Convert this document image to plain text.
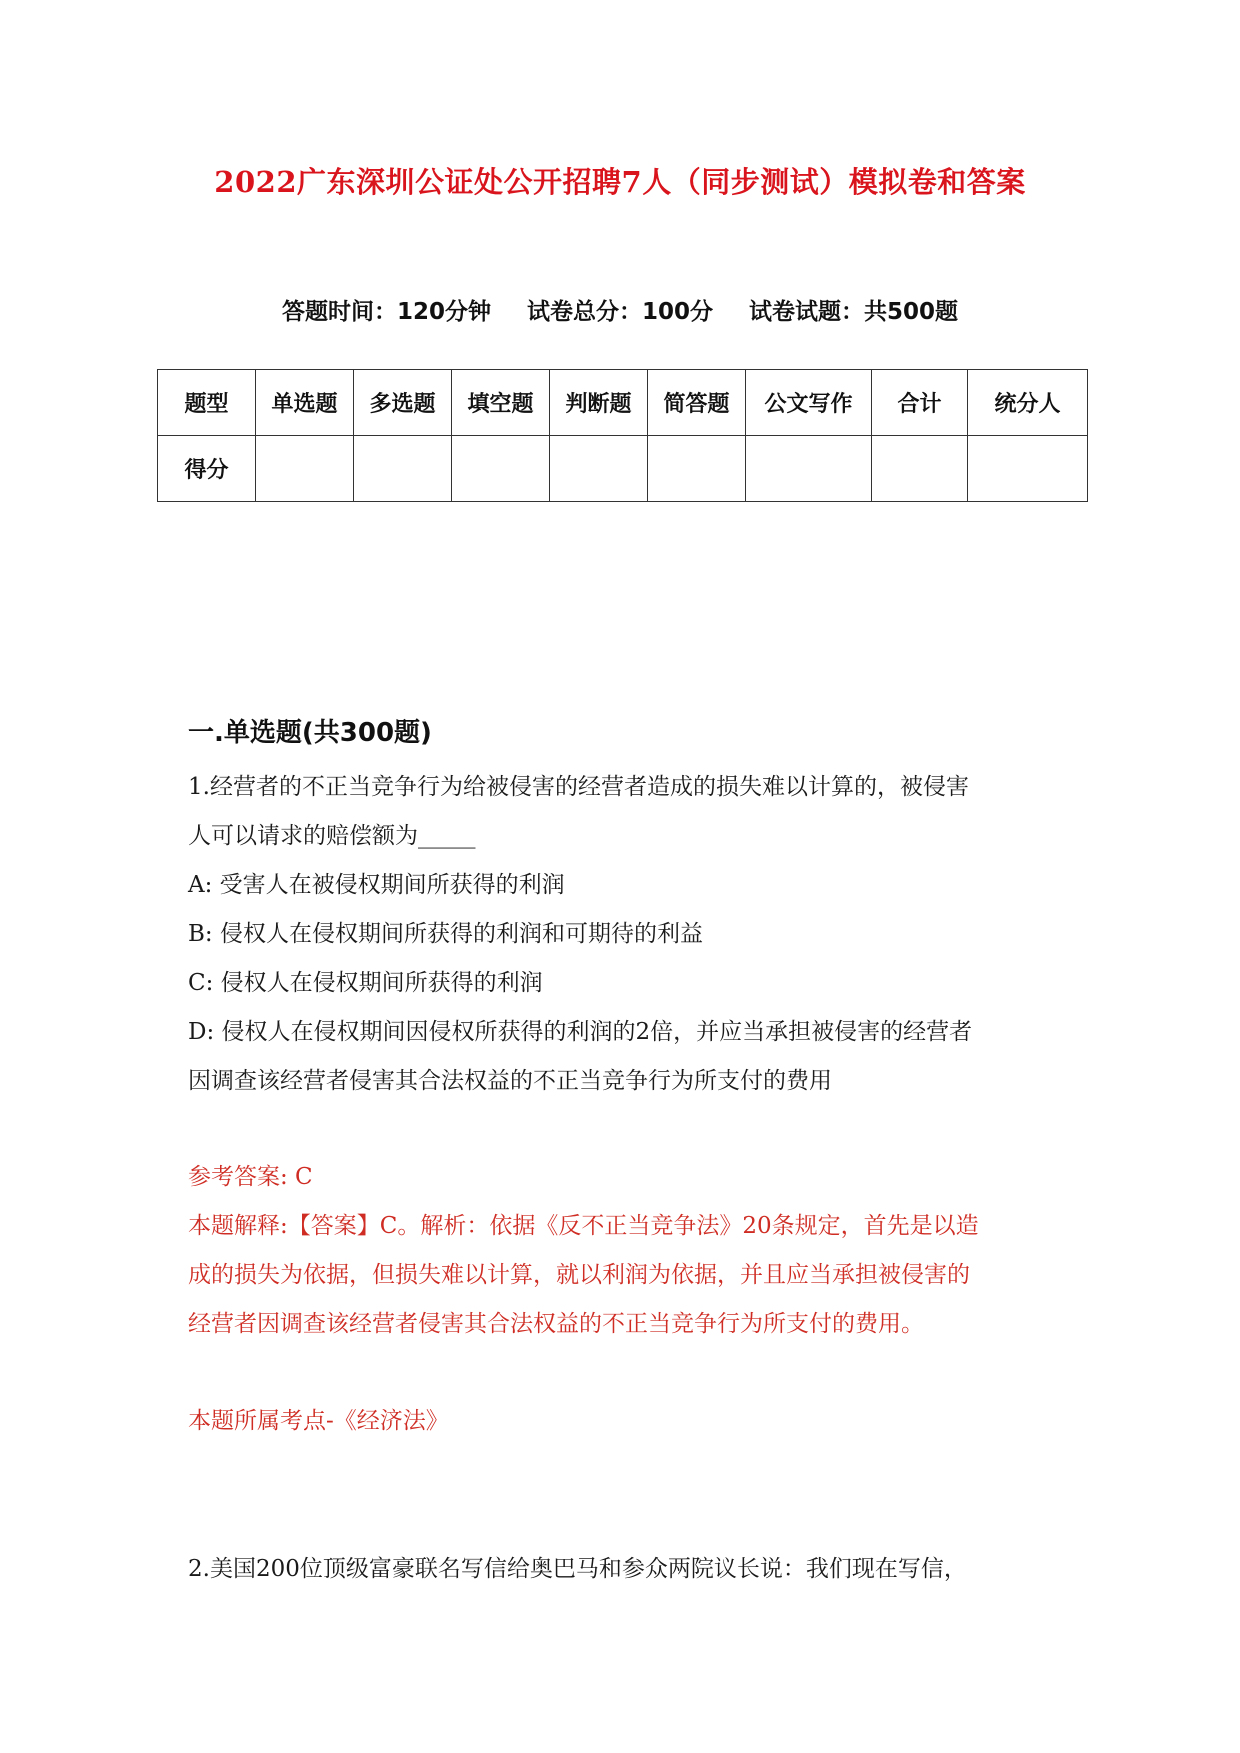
2022广东深圳公证处公开招聘7人（同步测试）模拟卷和答案
答题时间：120分钟 试卷总分：100分 试卷试题：共500题
题型	单选题	多选题	填空题	判断题	简答题	公文写作	合计	统分人
得分								
一.单选题(共300题)
1.经营者的不正当竞争行为给被侵害的经营者造成的损失难以计算的，被侵害
人可以请求的赔偿额为_____
A: 受害人在被侵权期间所获得的利润
B: 侵权人在侵权期间所获得的利润和可期待的利益
C: 侵权人在侵权期间所获得的利润
D: 侵权人在侵权期间因侵权所获得的利润的2倍，并应当承担被侵害的经营者
因调查该经营者侵害其合法权益的不正当竞争行为所支付的费用
参考答案: C
本题解释:【答案】C。解析：依据《反不正当竞争法》20条规定，首先是以造
成的损失为依据，但损失难以计算，就以利润为依据，并且应当承担被侵害的
经营者因调查该经营者侵害其合法权益的不正当竞争行为所支付的费用。
本题所属考点-《经济法》
2.美国200位顶级富豪联名写信给奥巴马和参众两院议长说：我们现在写信，
